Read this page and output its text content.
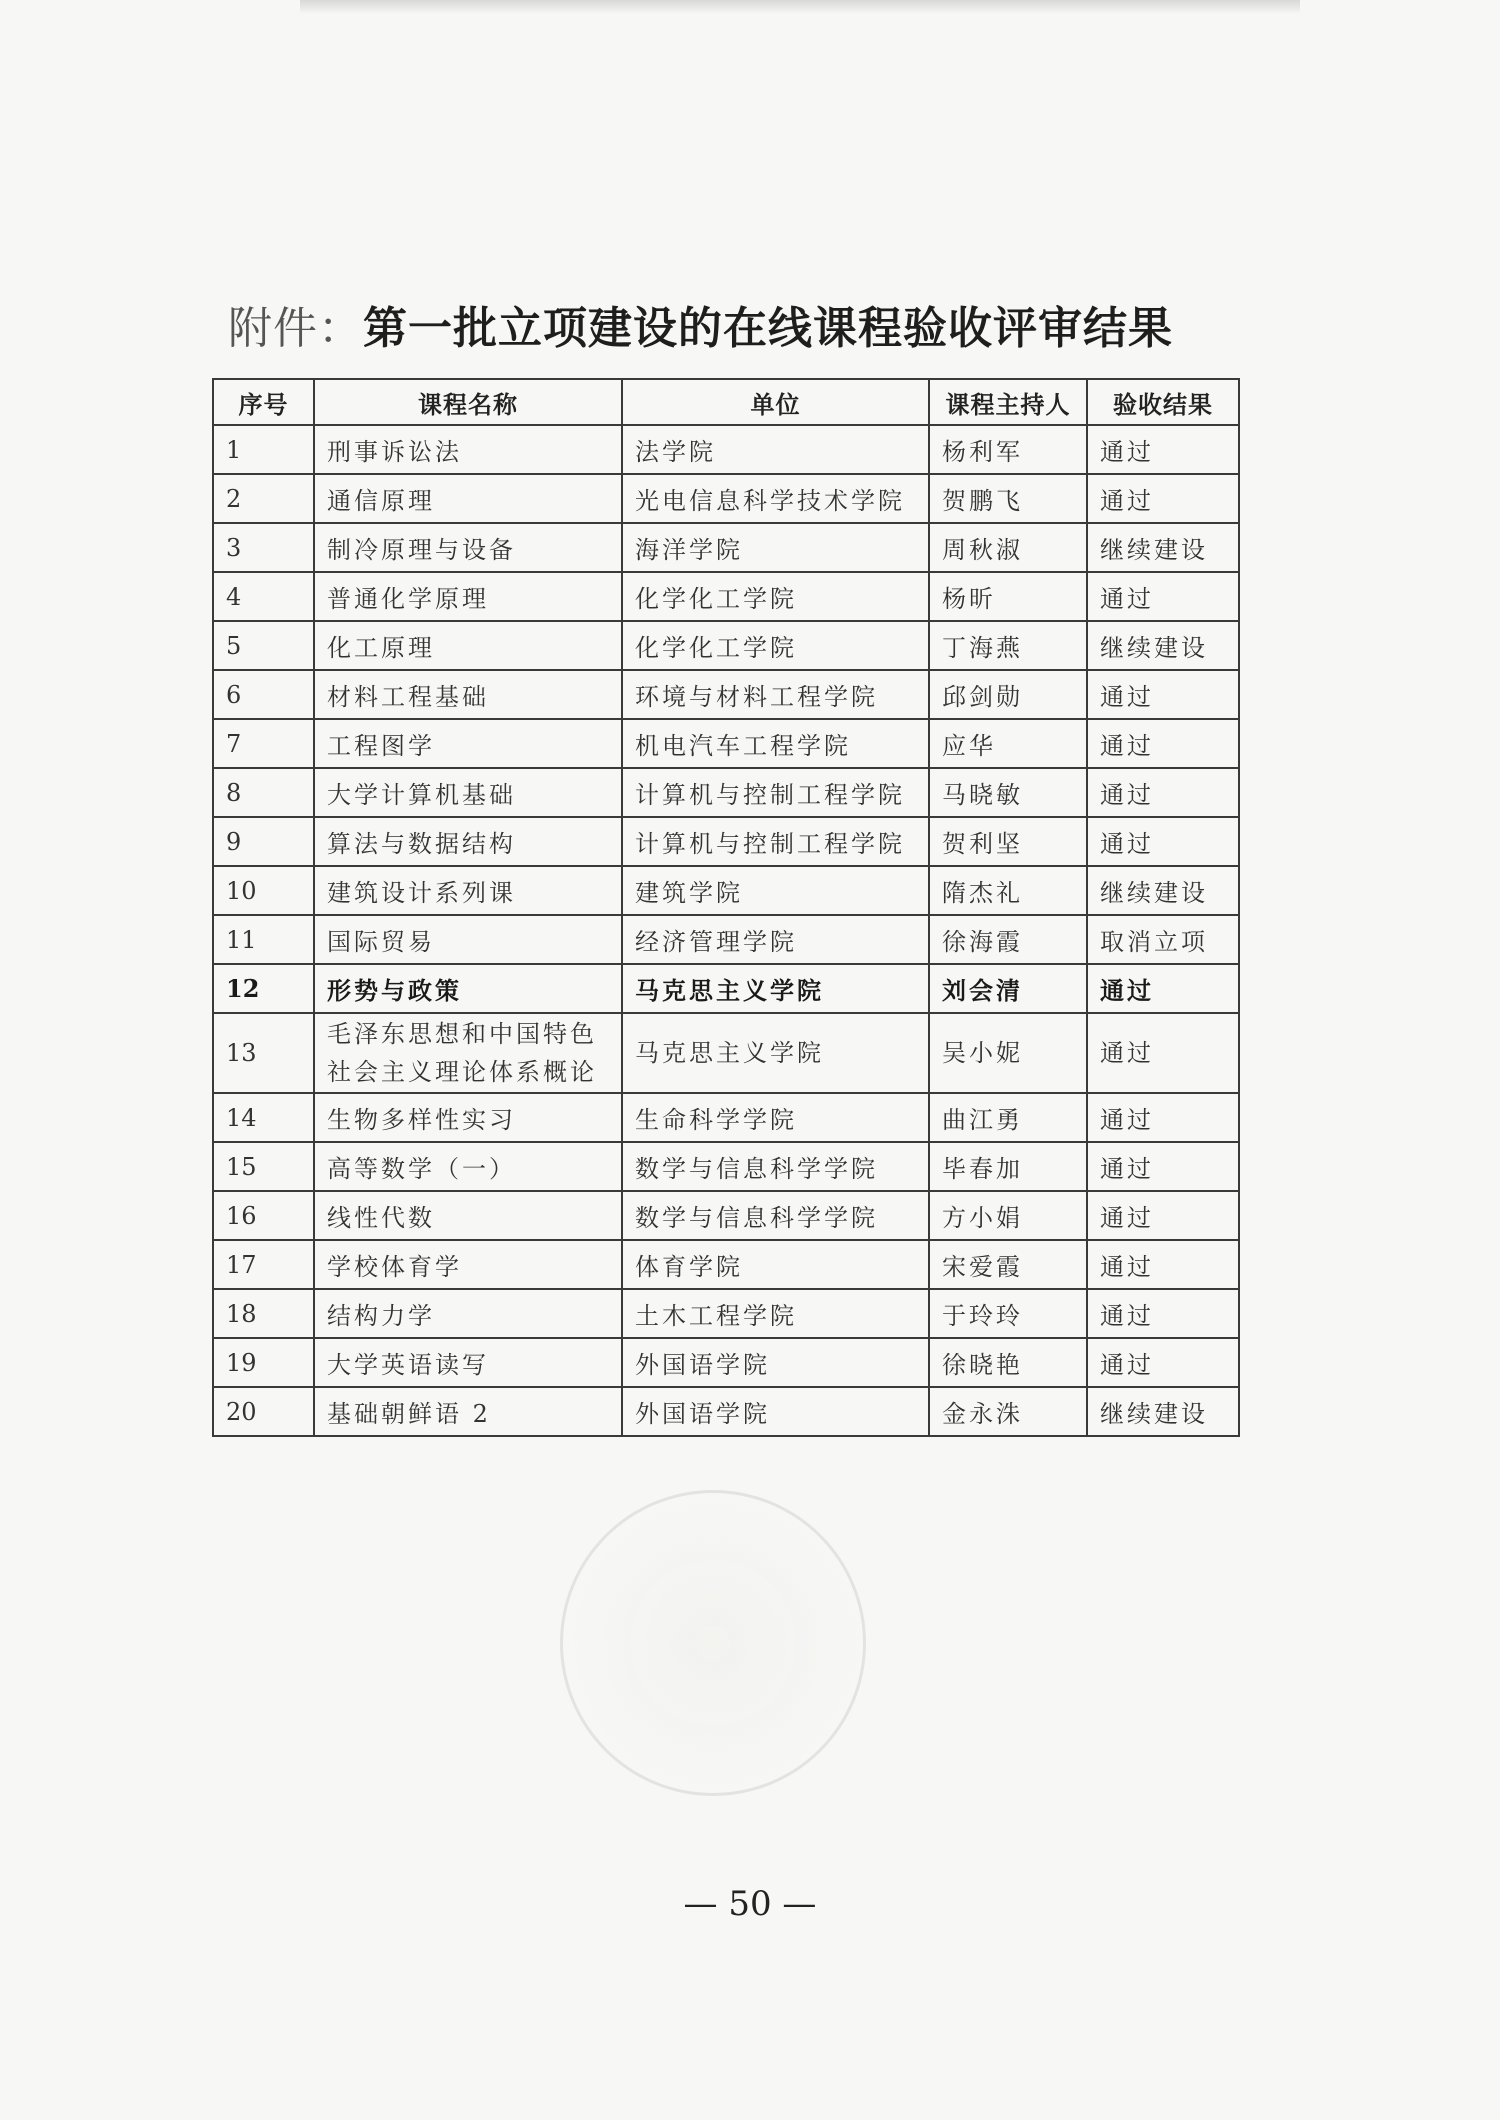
附件：第一批立项建设的在线课程验收评审结果
序号	课程名称	单位	课程主持人	验收结果
1	刑事诉讼法	法学院	杨利军	通过
2	通信原理	光电信息科学技术学院	贺鹏飞	通过
3	制冷原理与设备	海洋学院	周秋淑	继续建设
4	普通化学原理	化学化工学院	杨昕	通过
5	化工原理	化学化工学院	丁海燕	继续建设
6	材料工程基础	环境与材料工程学院	邱剑勋	通过
7	工程图学	机电汽车工程学院	应华	通过
8	大学计算机基础	计算机与控制工程学院	马晓敏	通过
9	算法与数据结构	计算机与控制工程学院	贺利坚	通过
10	建筑设计系列课	建筑学院	隋杰礼	继续建设
11	国际贸易	经济管理学院	徐海霞	取消立项
12	形势与政策	马克思主义学院	刘会清	通过
13	毛泽东思想和中国特色社会主义理论体系概论	马克思主义学院	吴小妮	通过
14	生物多样性实习	生命科学学院	曲江勇	通过
15	高等数学（一）	数学与信息科学学院	毕春加	通过
16	线性代数	数学与信息科学学院	方小娟	通过
17	学校体育学	体育学院	宋爱霞	通过
18	结构力学	土木工程学院	于玲玲	通过
19	大学英语读写	外国语学院	徐晓艳	通过
20	基础朝鲜语 2	外国语学院	金永洙	继续建设
— 50 —
